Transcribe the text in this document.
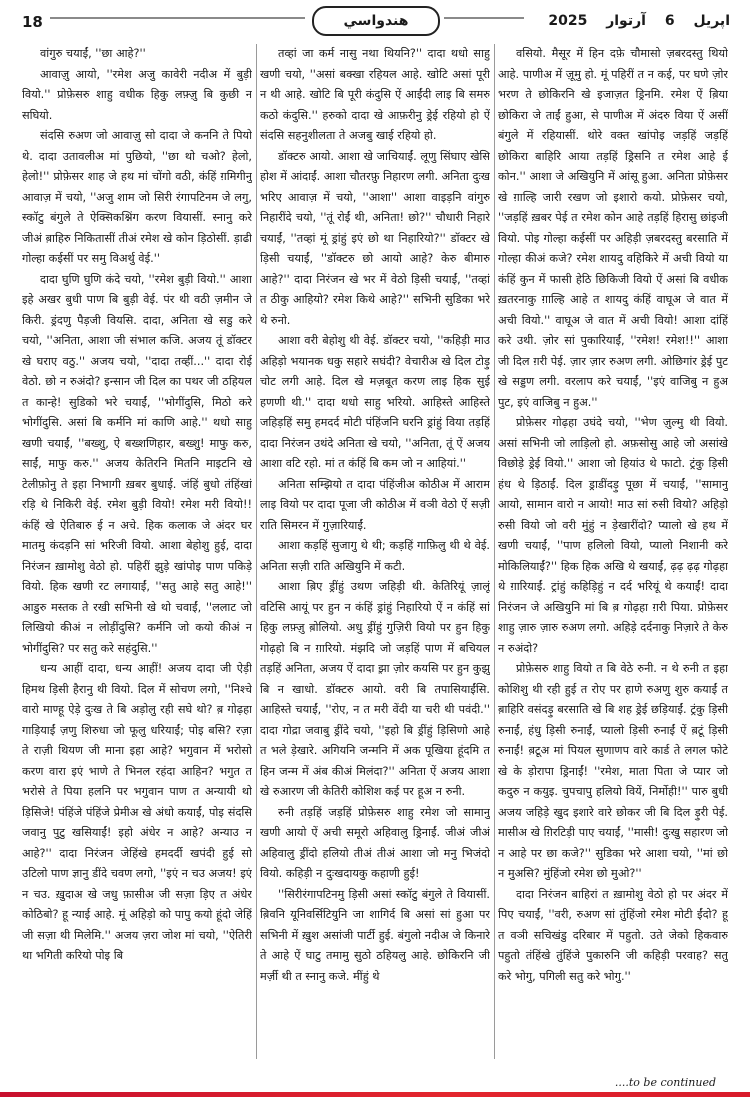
18	هندواسي	2025	اپريل 6 آرتوار

वांगुरु चयाईं, ''छा आहे?''

आवाज़ु आयो, ''रमेश अजु कावेरी नदीअ में बुड़ी वियो.'' प्रोफ़ेसरु शाहु वधीक हिकु लफ़्ज़ु बि कुछी न सघियो.

संदसि रुअण जो आवाज़ु सो दादा जे कननि ते पियो थे. दादा उतावलीअ मां पुछियो, ''छा थो चओ? हेलो, हेलो!'' प्रोफ़ेसर शाह जे हथ मां चोंगो वठी, कंहिं ग़मिगीनु आवाज़ में चयो, ''अजु शाम जो सिरी रंगापटिनम जे लगु, स्कॉटु बंगुले ते ऐक्सिकश्निंग करण वियासीं. स्नानु करे जीअं ब़ाहिरु निकितासीं तीअं रमेश खे कोन ड़िठोसीं. ड़ाढी गोल्हा कईसीं पर समु विअर्थु वेई.''

दादा घुणि घुणि कंदे चयो, ''रमेश बुड़ी वियो.'' आशा इहे अखर बुधी पाण बि बुड़ी वेई. पंर थी वठी ज़मीन जे किरी. ड्रंदणु पैड़जी वियसि. दादा, अनिता खे सडु करे चयो, ''अनिता, आशा जी संभाल कजि. अजय तूं डॉक्टर खे घराए वठु.'' अजय चयो, ''दादा तव्हीं...'' दादा रोई वेठो. छो न रुअंदो? इन्सान जी दिल का पथर जी ठहियल त कान्हे! सुडिको भरे चयाईं, ''भोगींदुसि, मिठो करे भोगींदुसि. असां बि कर्मनि मां काणि आहे.'' थधो साहु खणी चयाईं, ''बख्शु, ऐ बख्शणिहार, बख्शु! माफु करु, साईं, माफु करु.'' अजय केतिरनि मितनि माइटनि खे टेलीफ़ोनु ते इहा निभागी ख़बर बुधाई. जंहिं बुधो तंहिंखां रड़ि थे निकिरी वेई. रमेश बुड़ी वियो! रमेश मरी वियो!! कंहिं खे ऐतिबारु ई न अचे. हिक कलाक जे अंदर घर मातमु कंदड़नि सां भरिजी वियो. आशा बेहोशु हुई, दादा निरंजन ख़ामोशु वेठो हो. पहिरीं झुड़े खांपोइ पाण पकिड़े वियो. हिक खणी रट लगायाईं, ''सतु आहे सतु आहे!'' आडुरु मस्तक ते रखी सभिनी खे थो चवाईं, ''ललाट जो लिखियो कीअं न लोड़ींदुसि? कर्मनि जो कयो कीअं न भोगींदुसि? पर सतु करे सहंदुसि.''

धन्य आहीं दादा, धन्य आहीं! अजय दादा जी ऐड़ी हिमथ ड़िसी हैरानु थी वियो. दिल में सोचण लगो, ''निश्चे वारो माण्हू ऐड़े दुःख ते बि अड़ोलु रही सघे थो? ब़ गोढ़हा गाड़ियाईं ज़णु शिरुधा जो फूलु धरियाईं; पोइ बसि? रज़ा ते राज़ी थियण जी माना इहा आहे? भगुवान में भरोसो करण वारा इएं भाणे ते भिनल रहंदा आहिन? भगुत त भरोसे ते पिया हलनि पर भगुवान पाण त अन्यायी थो ड़िसिजे! पंहिंजे पंहिंजे प्रेमीअ खे अंधो कयाईं, पोइ संदसि जवानु पुटु खसियाईं! इहो अंधेर न आहे? अन्याउ न आहे?'' दादा निरंजन जेहिंखे हमदर्दी खपंदी हुई सो उटिलो पाण ज्ञानु डींदे चवण लगो, ''इएं न चउ अजय! इएं न चउ. ख़ुदाअ खे जधु फ़ासीअ जी सज़ा ड़िए त अंधेर कोठिबो? हू न्याई आहे. मूं अहिड़ो को पापु कयो हूंदो जेहिं जी सज़ा थी मिलेमि.'' अजय ज़रा जोश मां चयो, ''ऐतिरी था भगिती करियो पोइ बि

तव्हां जा कर्म नासु नथा थियनि?'' दादा थधो साहु खणी चयो, ''असां बक्खा रहियल आहे. खोटि असां पूरी न थी आहे. खोटि बि पूरी कंदुसि ऐं आईंदी लाइ बि समरु कठो कंदुसि.'' हरुको दादा खे आफ़रीनु ड्रेई रहियो हो ऐं संदसि सहनुशीलता ते अजबु खाई रहियो हो.

डॉक्टरु आयो. आशा खे जाचियाईं. लूणु सिंघाए खेसि होश में आंदाईं. आशा चौतरफ़ु निहारण लगी. अनिता दुःख भरिए आवाज़ में चयो, ''आशा'' आशा वाइड़नि वांगुरु निहारींदे चयो, ''तूं रोईं थी, अनिता! छो?'' चौधारी निहारे चयाईं, ''तव्हां मूं ड्रांहुं इएं छो था निहारियो?'' डॉक्टर खे ड़िसी चयाईं, ''डॉक्टरु छो आयो आहे? केरु बीमारु आहे?'' दादा निरंजन खे भर में वेठो ड़िसी चयाईं, ''तव्हां त ठीकु आहियो? रमेश किथे आहे?'' सभिनी सुडिका भरे थे रुनो.

आशा वरी बेहोशु थी वेई. डॉक्टर चयो, ''कहिड़ी माउ अहिड़ो भयानक धकु सहारे सघंदी? वेचारीअ खे दिल टोड़ु चोट लगी आहे. दिल खे मज़बूत करण लाइ हिक सुई हणणी थी.'' दादा थधो साहु भरियो. आहिस्ते आहिस्ते जहिड़हिं समु हमदर्द मोटी पंहिंजनि घरनि ड्रांहुं विया तड़हिं दादा निरंजन उथंदे अनिता खे चयो, ''अनिता, तूं ऐं अजय आशा वटि रहो. मां त कंहिं बि कम जो न आहियां.''

अनिता सम्झियो त दादा पंहिंजीअ कोठीअ में आराम लाइ वियो पर दादा पूजा जी कोठीअ में वञी वेठो ऐं सज़ी राति सिमरन में गुज़ारियाईं.

आशा कड़हिं सुजागु थे थी; कड़हिं गाफ़िलु थी थे वेई. अनिता सज़ी राति अखियुनि में कटी.

आशा ब़िए ड्रींहुं उथण जहिड़ी थी. केतिरियूं ज़ालूं वटिसि आयूं पर हुन न कंहिं ड्रांहुं निहारियो ऐं न कंहिं सां हिकु लफ़्ज़ु ब़ोलियो. अधु ड्रींहुं गुज़िरी वियो पर हुन हिकु गोढ़हो बि न ग़ारियो. मंझदि जो जड़हिं पाण में बचियल तड़हिं अनिता, अजय ऐं दादा झ़ा ज़ोर कयसि पर हुन कुझु बि न खाधो. डॉक्टरु आयो. वरी बि तपासियाईंसि. आहिस्ते चयाईं, ''रोए, न त मरी वेंदी या चरी थी पवंदी.'' दादा गोद्रा जवाबु ड्रींदे चयो, ''इहो बि ड्रींहुं ड़िसिणो आहे त भले ड़ेखारे. अगियनि जन्मनि में अक पूखिया हूंदमि त हिन जन्म में अंब कीअं मिलंदा?'' अनिता ऐं अजय आशा खे रुआरण जी केतिरी कोशिश कई पर हूअ न रुनी.

रुनी तड़हिं जड़हिं प्रोफ़ेसरु शाहु रमेश जो सामानु खणी आयो ऐं अची समूरो अहिवालु ड्रिनाईं. जीअं जीअं अहिवालु ड्रींदो हलियो तीअं तीअं आशा जो मनु भिजंदो वियो. कहिड़ी न दुःखदायकु कहाणी हुई!

''सिरीरंगापटिनमु ड़िसी असां स्कॉटु बंगुले ते वियासीं. ब़िवनि यूनिवर्सिटियुनि जा शागिर्द बि असां सां हुआ पर सभिनी में ख़ुश असांजी पार्टी हुई. बंगुलो नदीअ जे किनारे ते आहे ऐं घाटु तमामु सुठो ठहियलु आहे. छोकिरनि जी मर्ज़ी थी त स्नानु कजे. मींहुं थे

वसियो. मैसूर में हिन दफ़े चौमासो ज़बरदस्तु थियो आहे. पाणीअ में ज़ूमु हो. मूं पहिरीं त न कई, पर घणे ज़ोर भरण ते छोकिरनि खे इजाज़त ड्रिनमि. रमेश ऐं ब़िया छोकिरा जे ताईं हुआ, से पाणीअ में अंदरु विया ऐं असीं बंगुले में रहियासीं. थोरे वक्त खांपोइ जड़हिं जड़हिं छोकिरा बाहिरि आया तड़हिं ड्रिसनि त रमेश आहे ई कोन.'' आशा जे अखियुनि में आंसू हुआ. अनिता प्रोफ़ेसर खे ग़ाल्हि जारी रखण जो इशारो कयो. प्रोफ़ेसर चयो, ''जड़हिं ख़बर पेई त रमेश कोन आहे तड़हिं हिरासु छांइजी वियो. पोइ गोल्हा कईसीं पर अहिड़ी ज़बरदस्तु बरसाति में गोल्हा कीअं कजे? रमेश शायदु वहिकिरे में अची वियो या कंहिं कुन में फासी हेठि छिकिजी वियो ऐं असां बि वधीक ख़तरनाकु ग़ाल्हि आहे त शायदु कंहिं वाघूअ जे वात में अची वियो.'' वाघूअ जे वात में अची वियो! आशा दांहिं करे उथी. ज़ोर सां पुकारियाईं, ''रमेश! रमेश!!'' आशा जी दिल ग़री पेई. ज़ार ज़ार रुअण लगी. ओछिगांर ड्रेई पुट खे सड्डण लगी. वरलाप करे चयाईं, ''इएं वाजिबु न हुअ पुट, इएं वाजिबु न हुअ.''

प्रोफ़ेसर गोढ़हा उघंदे चयो, ''भेण ज़ुल्मु थी वियो. असां सभिनी जो लाड़िलो हो. अफ़सोसु आहे जो असांखे विछोड़े ड्रेई वियो.'' आशा जो हियांउ थे फाटो. ट्रंकु ड़िसी हंध थे ड़िठाईं. दिल ड्राडींदड़ु पूछा में चयाईं, ''सामानु आयो, सामान वारो न आयो! माउ सां रुसी वियो? अहिड़ो रुसी वियो जो वरी मुंहुं न ड़ेखारींदो? प्यालो खे हथ में खणी चयाईं, ''पाण हलिलो वियो, प्यालो निशानी करे मोकिलियाईं?'' हिक हिक अखि थे खयाईं, ढ़ढ़ ढ़ढ़ गोढ़हा थे ग़ारियाईं. ट्रांहुं कहिड़िहुं न दर्द भरियूं थे कयाईं! दादा निरंजन जे अखियुनि मां बि ब़ गोढ़हा ग़री पिया. प्रोफ़ेसर शाहु ज़ारु ज़ारु रुअण लगो. अहिड़े दर्दनाकु निज़ारे ते केरु न रुअंदो?

प्रोफ़ेसरु शाहु वियो त बि वेठे रुनी. न थे रुनी त इहा कोशिशु थी रही हुई त रोए पर हाणे रुअणु शुरु कयाईं त ब़ाहिरि वसंदड़ु बरसाति खे बि शह ड्रेई छड़ियाईं. ट्रंकु ड़िसी रुनाईं, हंधु ड़िसी रुनाईं, प्यालो ड़िसी रुनाईं ऐं ब़टूं ड़िसी रुनाईं! ब़टूअ मां पियल सुणाणप वारे कार्ड ते लगल फोटे खे के ड़ोरापा ड्रिनाईं! ''रमेश, माता पिता जे प्यार जो कदुरु न कयुइ. चुपचापु हलियो वियें, निर्मोही!'' पारु बुधी अजय जहिड़े खुद इशारे वारे छोकर जी बि दिल ड़ुरी पेई. मासीअ खे ग़िरटिड़ी पाए चयाईं, ''मासी! दुःखु सहारण जो न आहे पर छा कजे?'' सुडिका भरे आशा चयो, ''मां छो न मुअसि? मुंहिंजो रमेश छो मुओ?''

दादा निरंजन बाहिरां त ख़ामोशु वेठो हो पर अंदर में पिए चयाईं, ''वरी, रुअण सां तुंहिंजो रमेश मोटी ईंदो? हू त वञी सचिखंडु दरिबार में पहुतो. उते जेको हिकवारु पहुतो तंहिंखे तुंहिंजे पुकारुनि जी कहिड़ी परवाह? सतु करे भोगु, पगिली सतु करे भोगु.''

....to be continued
